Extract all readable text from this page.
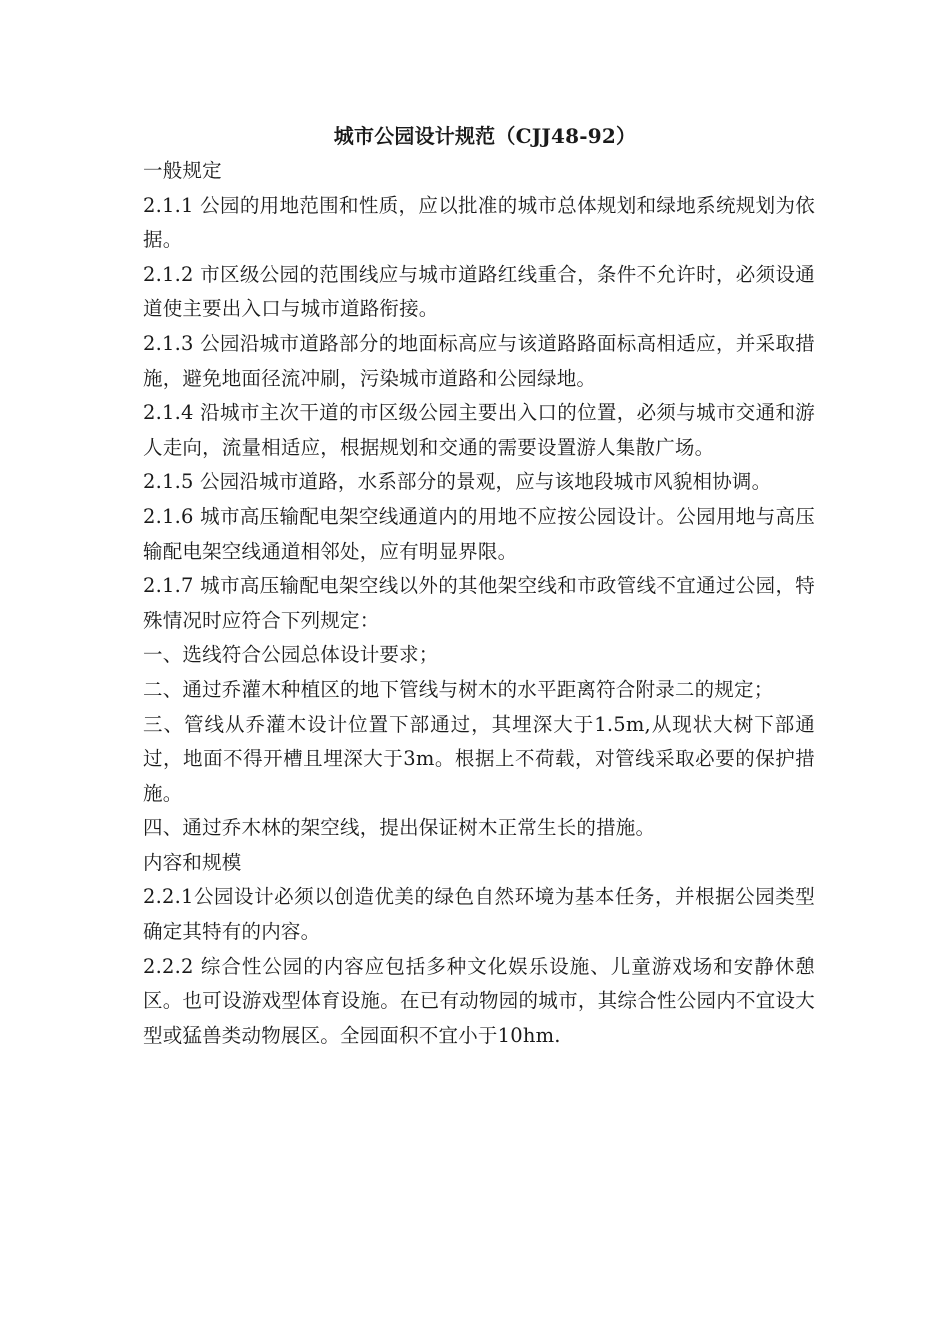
城市公园设计规范（CJJ48-92）

一般规定

2.1.1 公园的用地范围和性质，应以批准的城市总体规划和绿地系统规划为依据。

2.1.2 市区级公园的范围线应与城市道路红线重合，条件不允许时，必须设通道使主要出入口与城市道路衔接。

2.1.3 公园沿城市道路部分的地面标高应与该道路路面标高相适应，并采取措施，避免地面径流冲刷，污染城市道路和公园绿地。

2.1.4 沿城市主次干道的市区级公园主要出入口的位置，必须与城市交通和游人走向，流量相适应，根据规划和交通的需要设置游人集散广场。

2.1.5 公园沿城市道路，水系部分的景观，应与该地段城市风貌相协调。

2.1.6 城市高压输配电架空线通道内的用地不应按公园设计。公园用地与高压输配电架空线通道相邻处，应有明显界限。

2.1.7 城市高压输配电架空线以外的其他架空线和市政管线不宜通过公园，特殊情况时应符合下列规定：

一、选线符合公园总体设计要求；

二、通过乔灌木种植区的地下管线与树木的水平距离符合附录二的规定；

三、管线从乔灌木设计位置下部通过，其埋深大于1.5m,从现状大树下部通过，地面不得开槽且埋深大于3m。根据上不荷载，对管线采取必要的保护措施。

四、通过乔木林的架空线，提出保证树木正常生长的措施。

内容和规模

2.2.1公园设计必须以创造优美的绿色自然环境为基本任务，并根据公园类型确定其特有的内容。

2.2.2 综合性公园的内容应包括多种文化娱乐设施、儿童游戏场和安静休憩区。也可设游戏型体育设施。在已有动物园的城市，其综合性公园内不宜设大型或猛兽类动物展区。全园面积不宜小于10hm.
